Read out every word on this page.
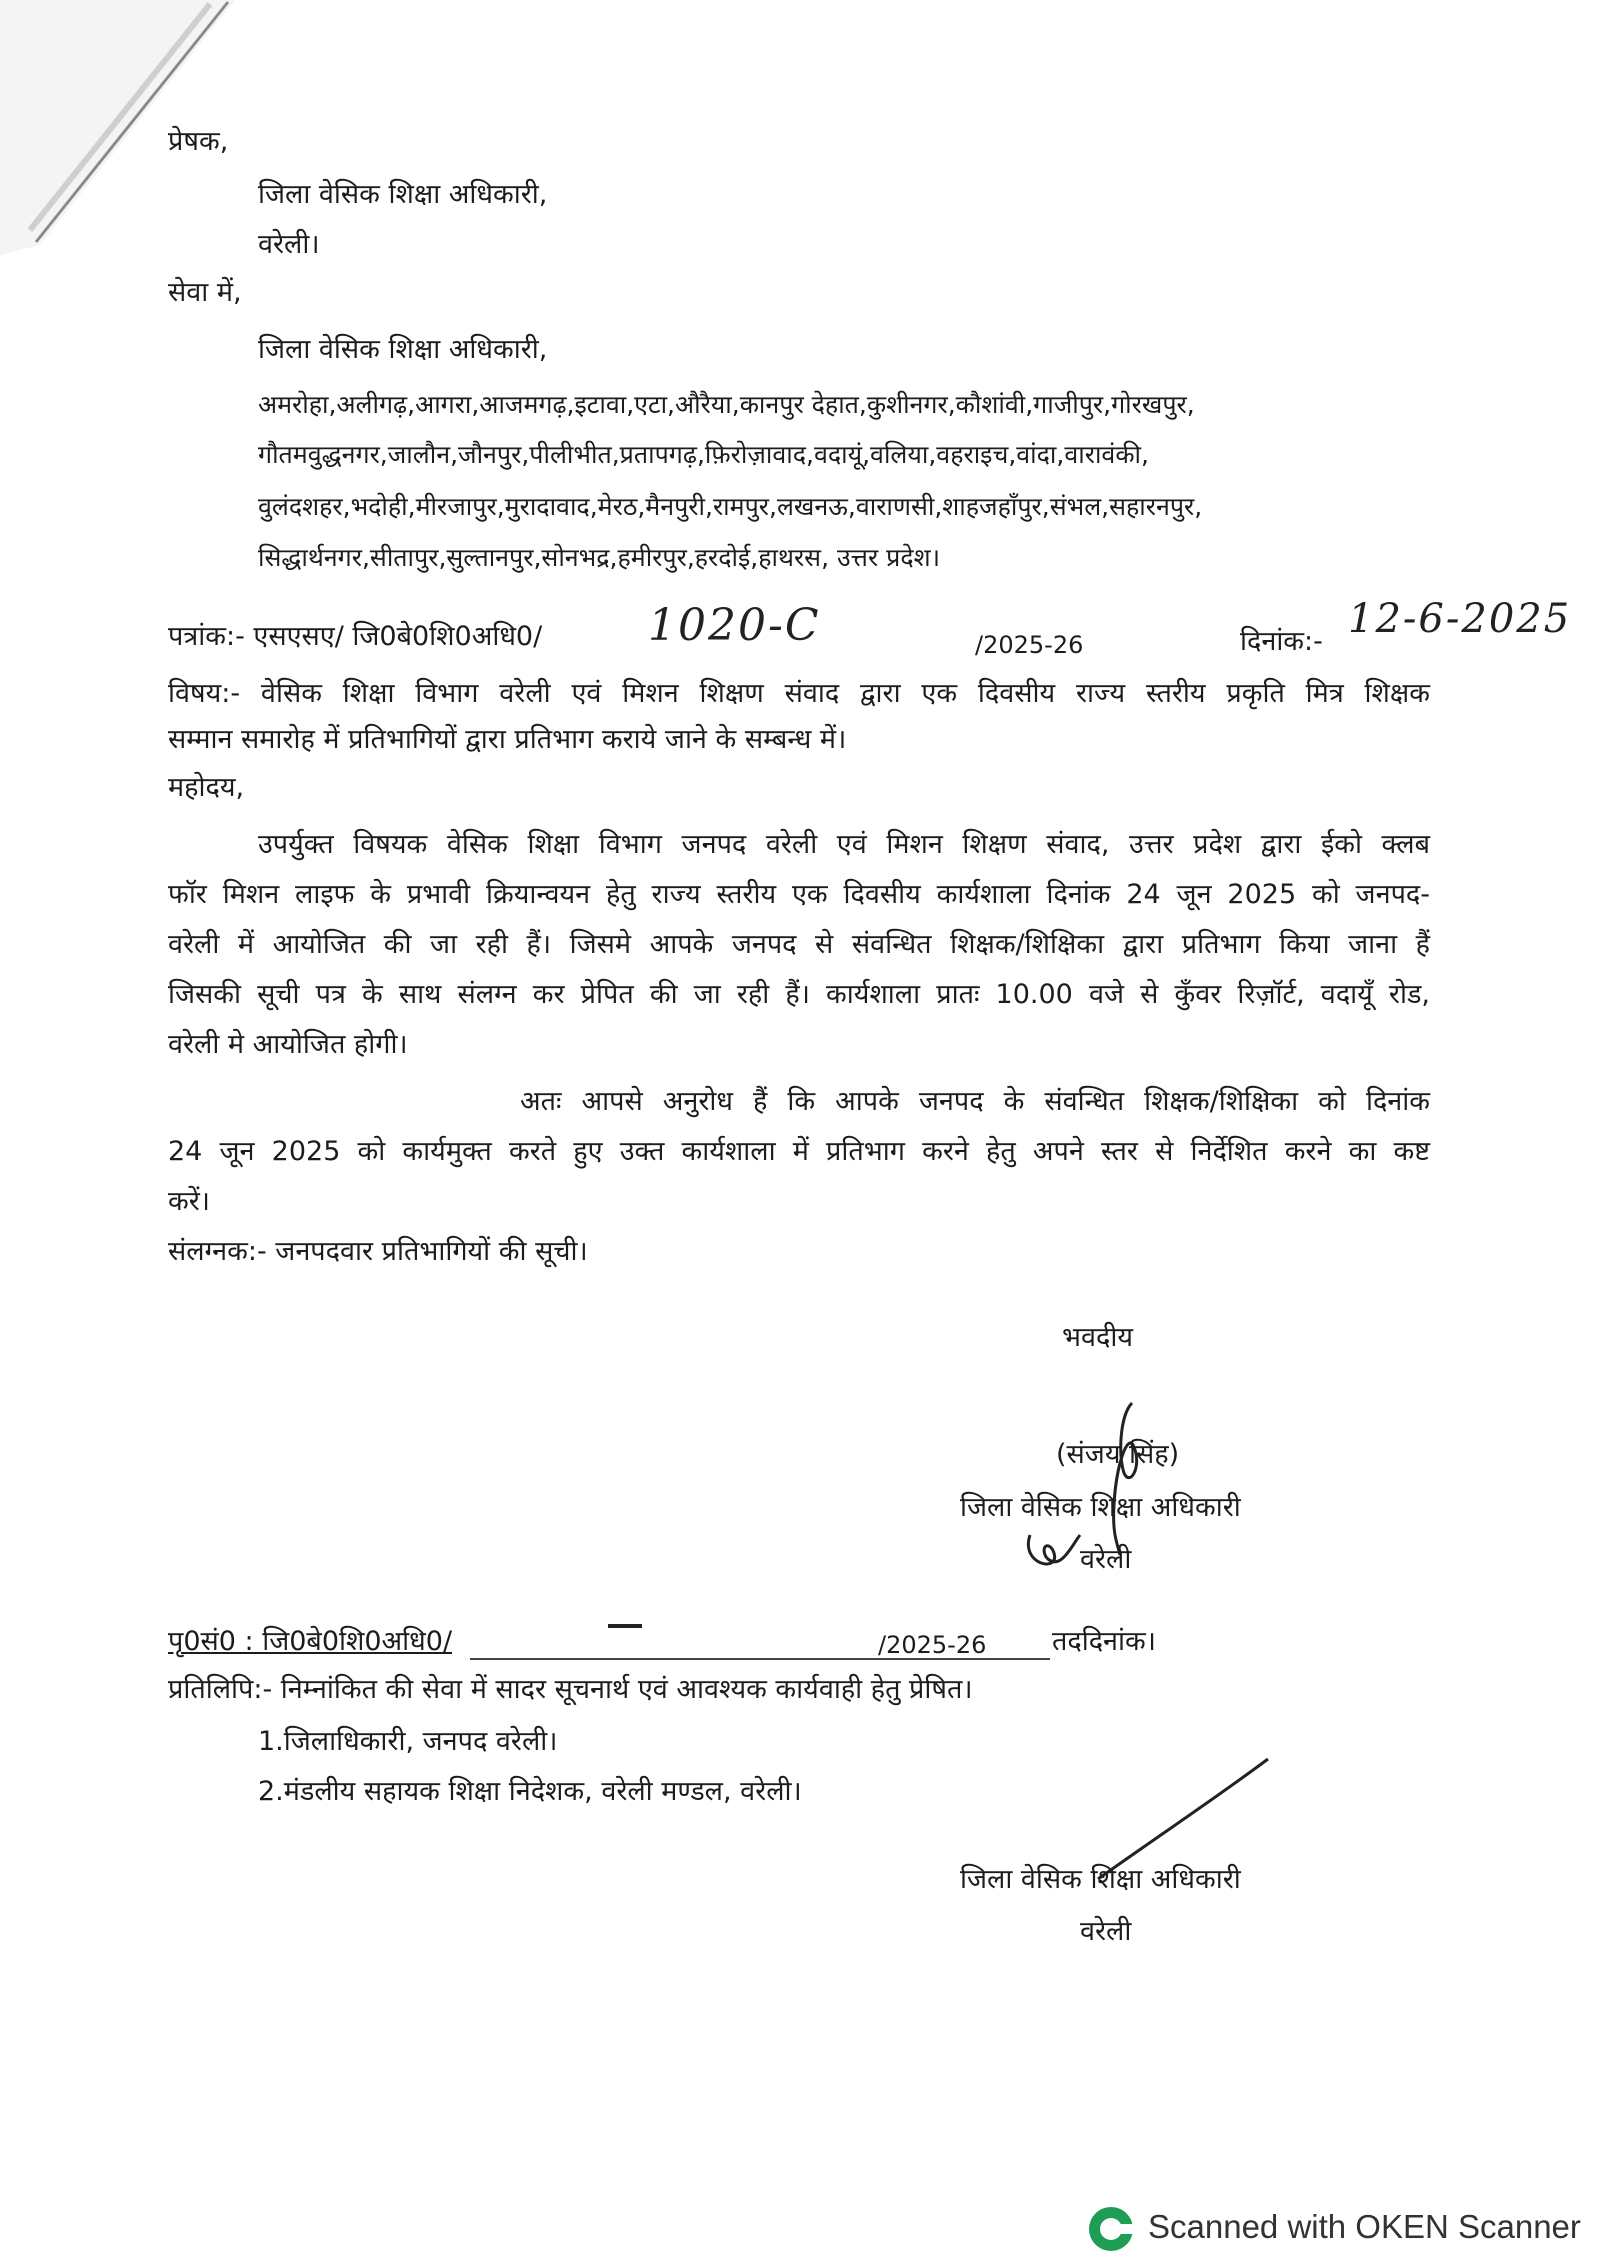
प्रेषक,
जिला वेसिक शिक्षा अधिकारी,
वरेली।
सेवा में,
जिला वेसिक शिक्षा अधिकारी,
अमरोहा,अलीगढ़,आगरा,आजमगढ़,इटावा,एटा,औरैया,कानपुर देहात,कुशीनगर,कौशांवी,गाजीपुर,गोरखपुर,
गौतमवुद्धनगर,जालौन,जौनपुर,पीलीभीत,प्रतापगढ़,फ़िरोज़ावाद,वदायूं,वलिया,वहराइच,वांदा,वारावंकी,
वुलंदशहर,भदोही,मीरजापुर,मुरादावाद,मेरठ,मैनपुरी,रामपुर,लखनऊ,वाराणसी,शाहजहाँपुर,संभल,सहारनपुर,
सिद्धार्थनगर,सीतापुर,सुल्तानपुर,सोनभद्र,हमीरपुर,हरदोई,हाथरस, उत्तर प्रदेश।
पत्रांक:- एसएसए/ जि0बे0शि0अधि0/ 1020-C	/2025-26	दिनांक:- 12-6-2025
विषय:- वेसिक शिक्षा विभाग वरेली एवं मिशन शिक्षण संवाद द्वारा एक दिवसीय राज्य स्तरीय प्रकृति मित्र शिक्षक
सम्मान समारोह में प्रतिभागियों द्वारा प्रतिभाग कराये जाने के सम्बन्ध में।
महोदय,
उपर्युक्त विषयक वेसिक शिक्षा विभाग जनपद वरेली एवं मिशन शिक्षण संवाद, उत्तर प्रदेश द्वारा ईको क्लब
फॉर मिशन लाइफ के प्रभावी क्रियान्वयन हेतु राज्य स्तरीय एक दिवसीय कार्यशाला दिनांक 24 जून 2025 को जनपद-
वरेली में आयोजित की जा रही हैं। जिसमे आपके जनपद से संवन्धित शिक्षक/शिक्षिका द्वारा प्रतिभाग किया जाना हैं
जिसकी सूची पत्र के साथ संलग्न कर प्रेपित की जा रही हैं। कार्यशाला प्रातः 10.00 वजे से कुँवर रिज़ॉर्ट, वदायूँ रोड,
वरेली मे आयोजित होगी।
अतः आपसे अनुरोध हैं कि आपके जनपद के संवन्धित शिक्षक/शिक्षिका को दिनांक
24 जून 2025 को कार्यमुक्त करते हुए उक्त कार्यशाला में प्रतिभाग करने हेतु अपने स्तर से निर्देशित करने का कष्ट
करें।
संलग्नक:- जनपदवार प्रतिभागियों की सूची।
भवदीय
(संजय सिंह)
जिला वेसिक शिक्षा अधिकारी
वरेली
पृ0सं0 : जि0बे0शि0अधि0/	/2025-26 तददिनांक।
प्रतिलिपि:- निम्नांकित की सेवा में सादर सूचनार्थ एवं आवश्यक कार्यवाही हेतु प्रेषित।
1.जिलाधिकारी, जनपद वरेली।
2.मंडलीय सहायक शिक्षा निदेशक, वरेली मण्डल, वरेली।
जिला वेसिक शिक्षा अधिकारी
वरेली
Scanned with OKEN Scanner
